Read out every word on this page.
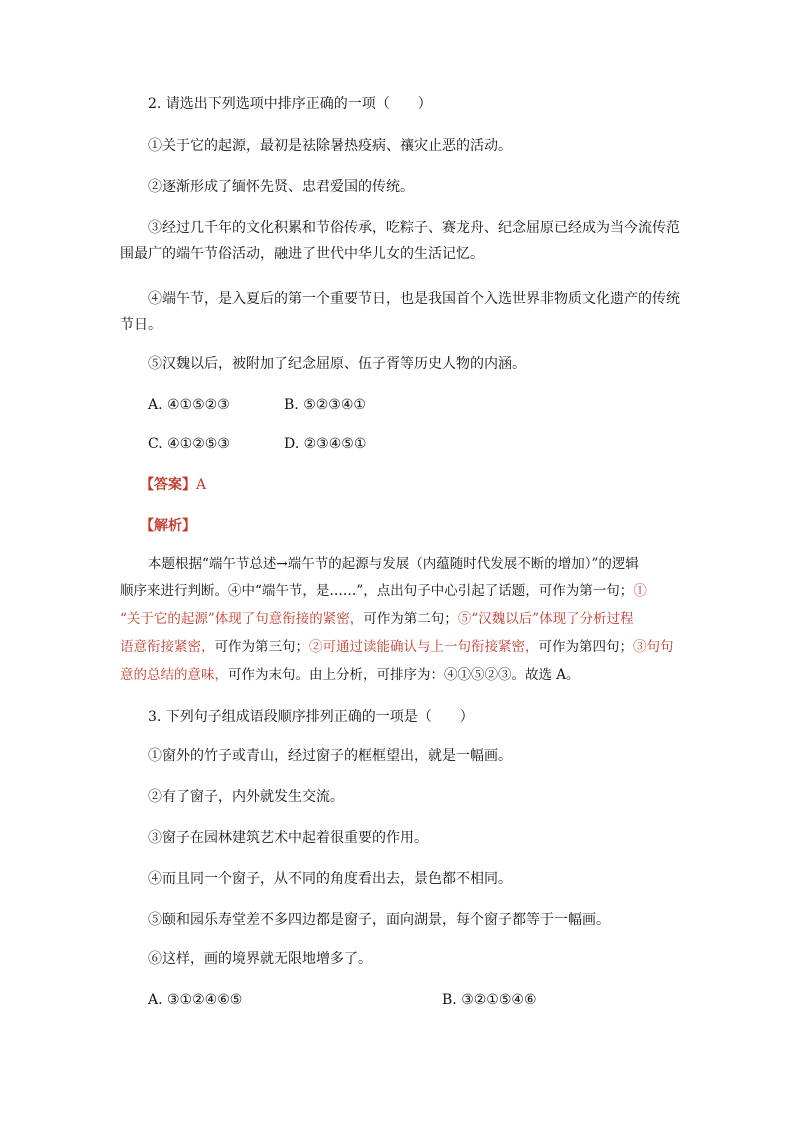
2. 请选出下列选项中排序正确的一项（　　）
①关于它的起源，最初是祛除暑热疫病、禳灾止恶的活动。
②逐渐形成了缅怀先贤、忠君爱国的传统。
③经过几千年的文化积累和节俗传承，吃粽子、赛龙舟、纪念屈原已经成为当今流传范
围最广的端午节俗活动，融进了世代中华儿女的生活记忆。
④端午节，是入夏后的第一个重要节日，也是我国首个入选世界非物质文化遗产的传统
节日。
⑤汉魏以后，被附加了纪念屈原、伍子胥等历史人物的内涵。
A. ④①⑤②③	B. ⑤②③④①
C. ④①②⑤③	D. ②③④⑤①
【答案】A
【解析】
本题根据“端午节总述→端午节的起源与发展（内蕴随时代发展不断的增加）”的逻辑
顺序来进行判断。④中“端午节，是……”，点出句子中心引起了话题，可作为第一句；①
“关于它的起源”体现了句意衔接的紧密，可作为第二句；⑤“汉魏以后”体现了分析过程
语意衔接紧密，可作为第三句；②可通过读能确认与上一句衔接紧密，可作为第四句；③句句
意的总结的意味，可作为末句。由上分析，可排序为：④①⑤②③。故选 A。
3. 下列句子组成语段顺序排列正确的一项是（　　）
①窗外的竹子或青山，经过窗子的框框望出，就是一幅画。
②有了窗子，内外就发生交流。
③窗子在园林建筑艺术中起着很重要的作用。
④而且同一个窗子，从不同的角度看出去，景色都不相同。
⑤颐和园乐寿堂差不多四边都是窗子，面向湖景，每个窗子都等于一幅画。
⑥这样，画的境界就无限地增多了。
A. ③①②④⑥⑤	B. ③②①⑤④⑥
